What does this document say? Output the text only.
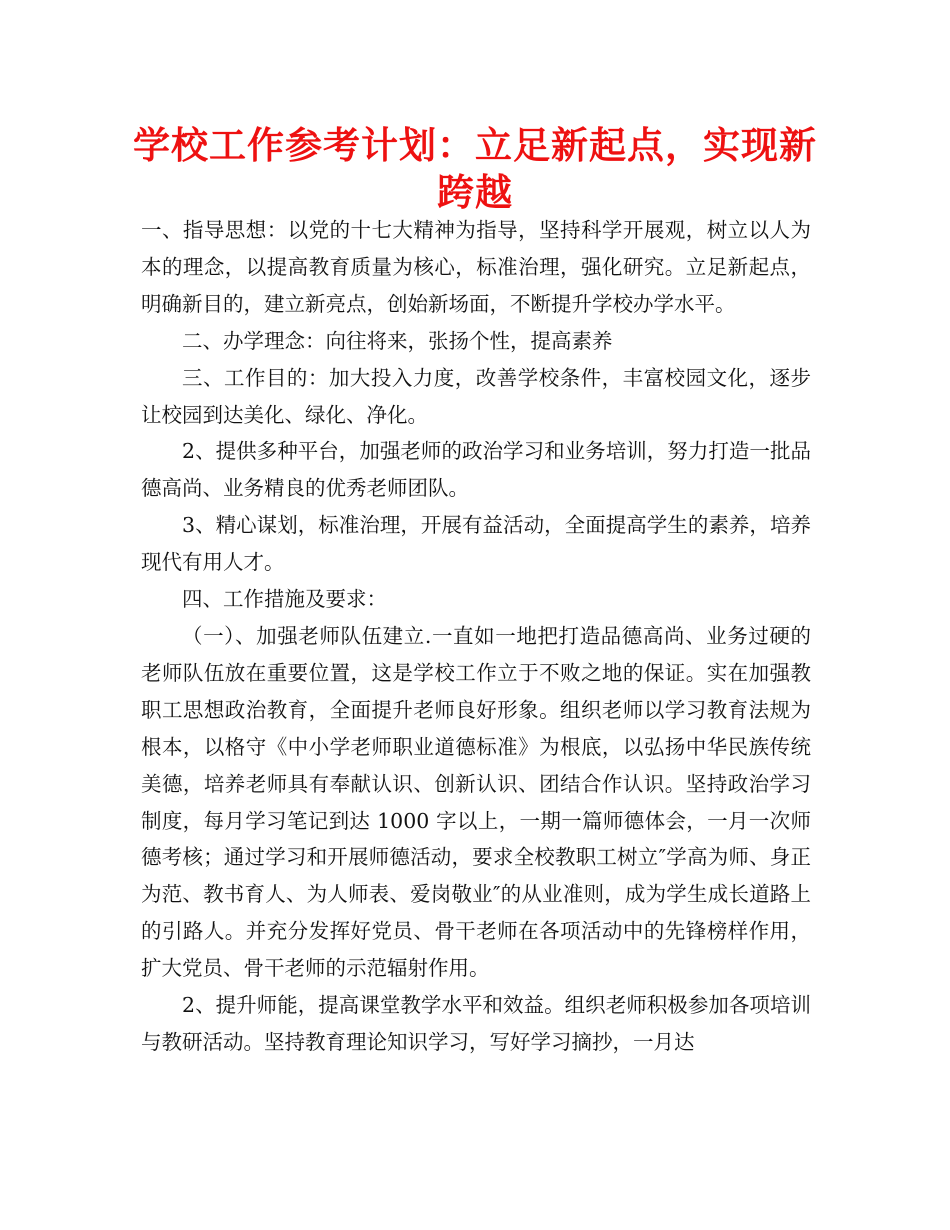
学校工作参考计划：立足新起点，实现新跨越

一、指导思想：以党的十七大精神为指导，坚持科学开展观，树立以人为本的理念，以提高教育质量为核心，标准治理，强化研究。立足新起点，明确新目的，建立新亮点，创始新场面，不断提升学校办学水平。

二、办学理念：向往将来，张扬个性，提高素养

三、工作目的：加大投入力度，改善学校条件，丰富校园文化，逐步让校园到达美化、绿化、净化。

2、提供多种平台，加强老师的政治学习和业务培训，努力打造一批品德高尚、业务精良的优秀老师团队。

3、精心谋划，标准治理，开展有益活动，全面提高学生的素养，培养现代有用人才。

四、工作措施及要求：

（一）、加强老师队伍建立.一直如一地把打造品德高尚、业务过硬的老师队伍放在重要位置，这是学校工作立于不败之地的保证。实在加强教职工思想政治教育，全面提升老师良好形象。组织老师以学习教育法规为根本，以格守《中小学老师职业道德标准》为根底，以弘扬中华民族传统美德，培养老师具有奉献认识、创新认识、团结合作认识。坚持政治学习制度，每月学习笔记到达 1000 字以上，一期一篇师德体会，一月一次师德考核；通过学习和开展师德活动，要求全校教职工树立″学高为师、身正为范、教书育人、为人师表、爱岗敬业″的从业准则，成为学生成长道路上的引路人。并充分发挥好党员、骨干老师在各项活动中的先锋榜样作用，扩大党员、骨干老师的示范辐射作用。

2、提升师能，提高课堂教学水平和效益。组织老师积极参加各项培训与教研活动。坚持教育理论知识学习，写好学习摘抄，一月达
